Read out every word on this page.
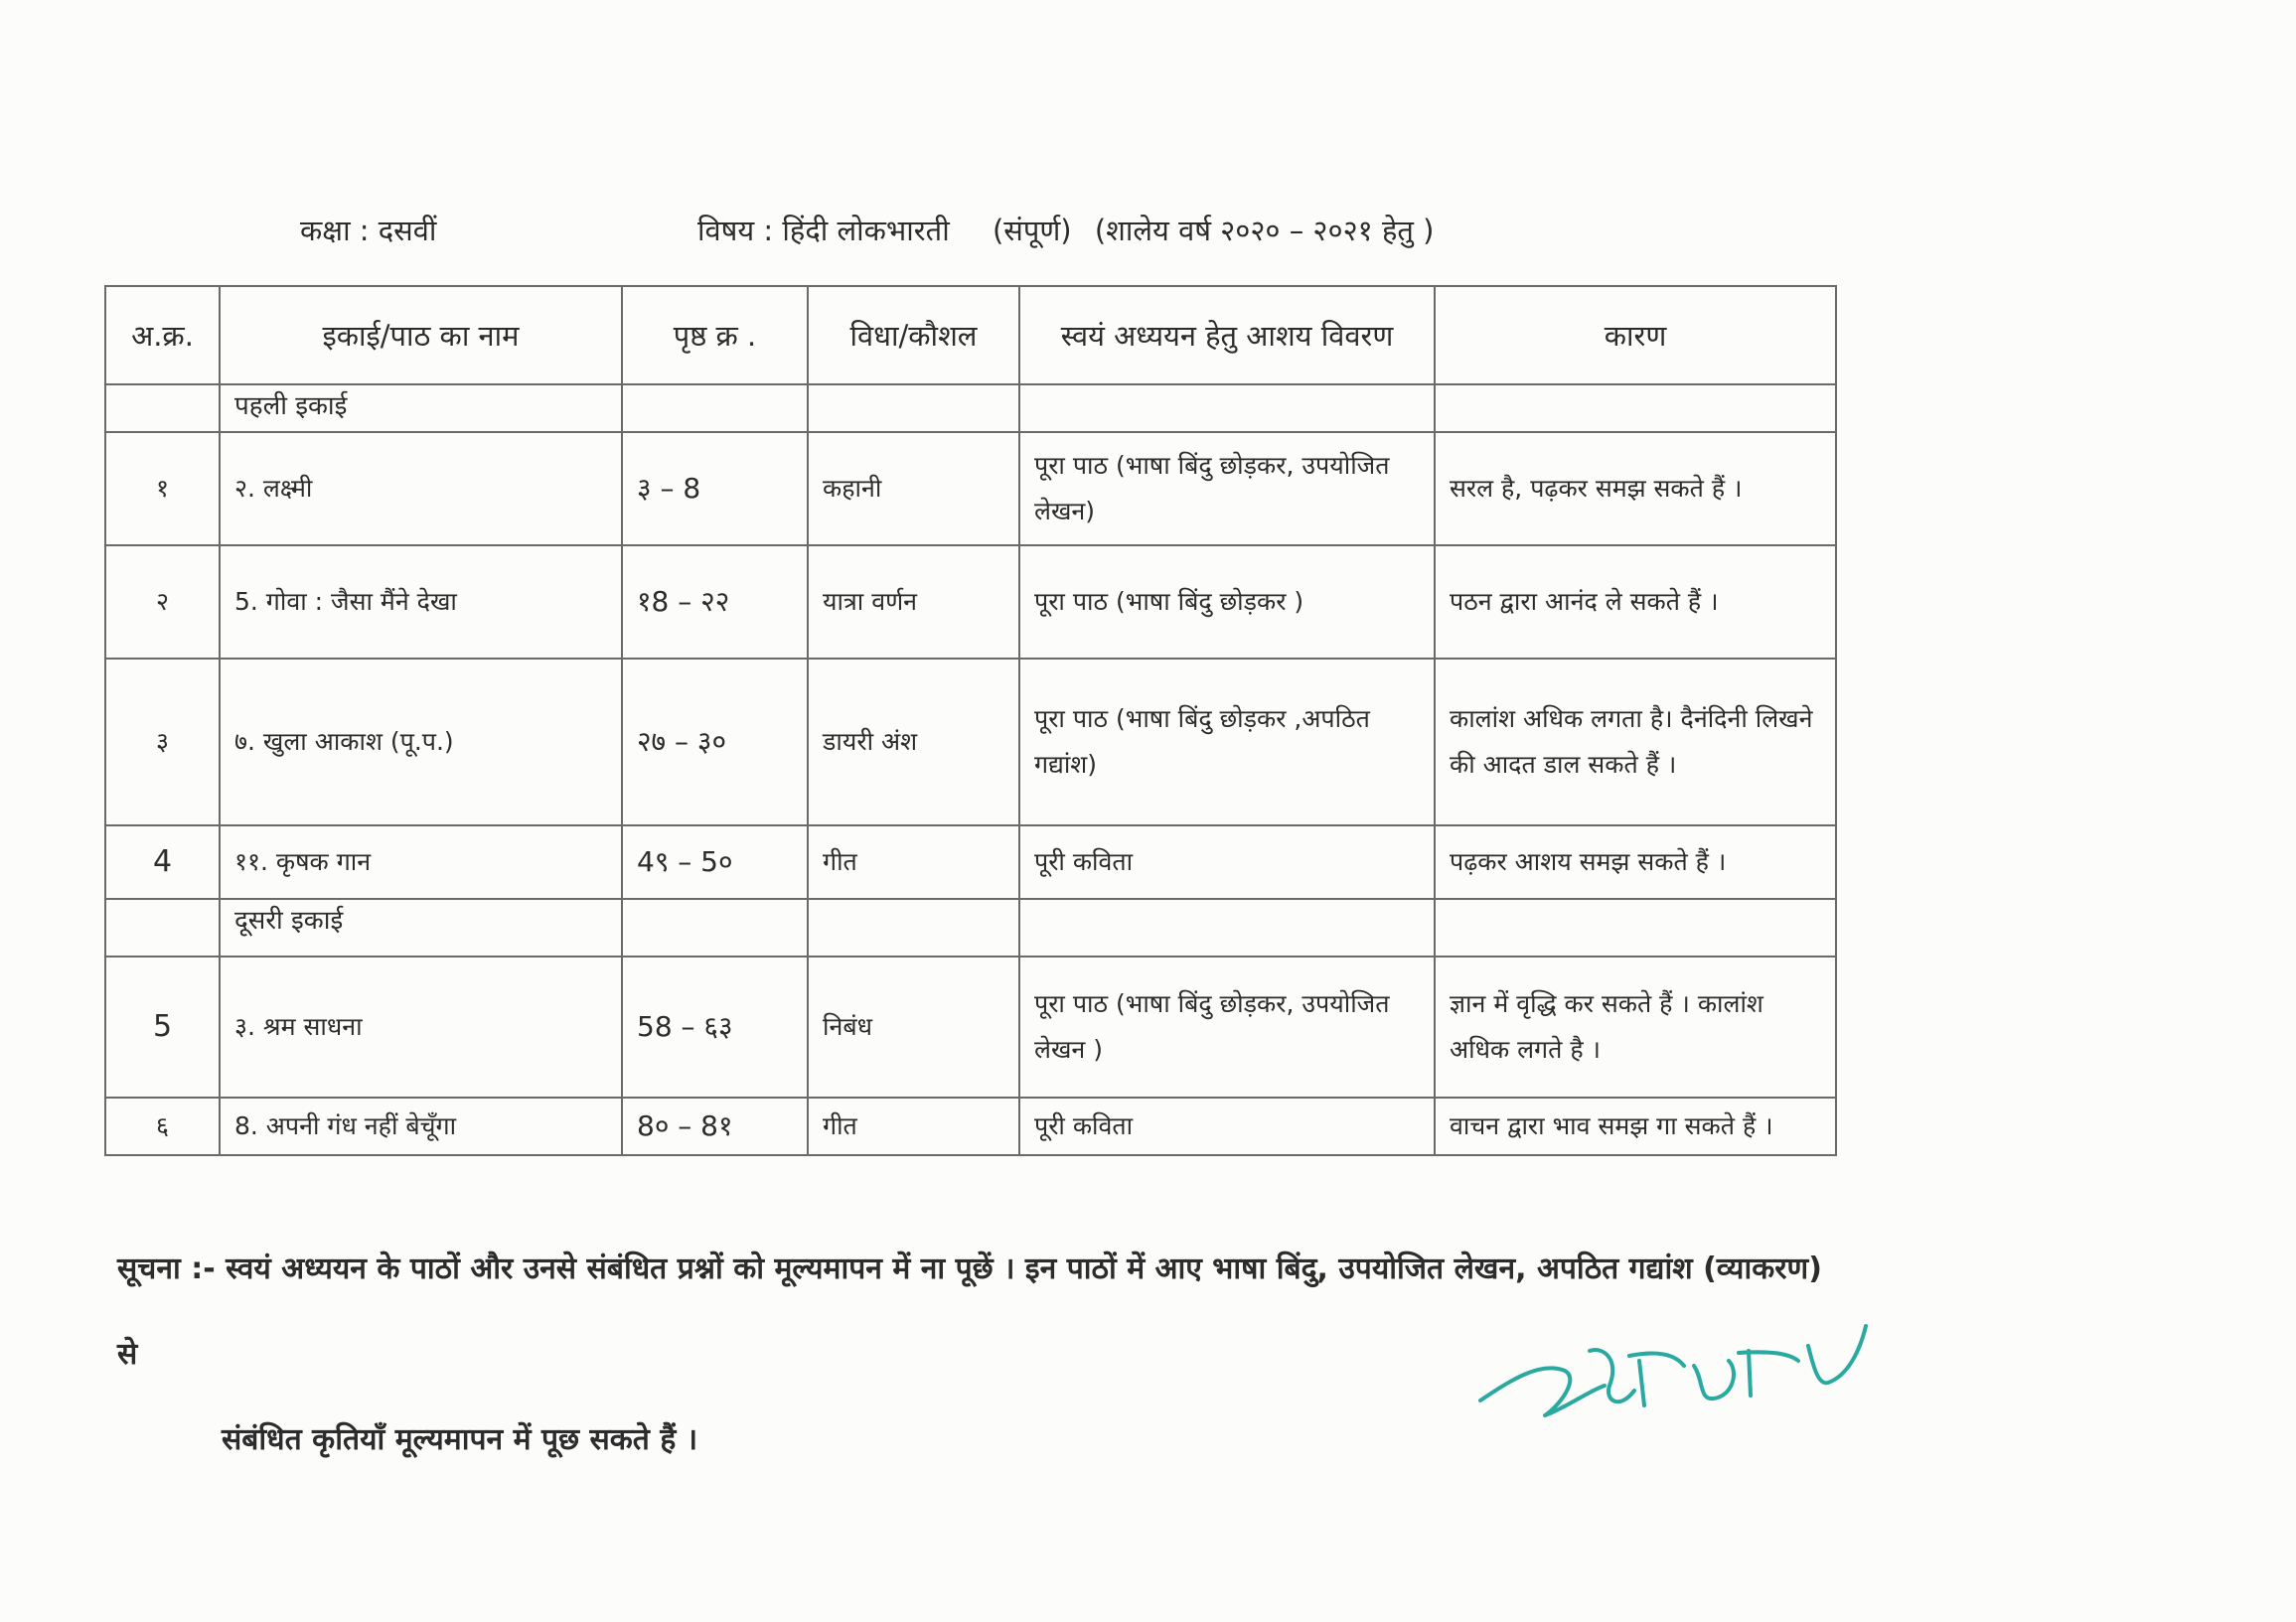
कक्षा : दसवीं	विषय : हिंदी लोकभारती (संपूर्ण) (शालेय वर्ष २०२० – २०२१ हेतु )
अ.क्र.	इकाई/पाठ का नाम	पृष्ठ क्र .	विधा/कौशल	स्वयं अध्ययन हेतु आशय विवरण	कारण
	पहली इकाई				
१	२. लक्ष्मी	३ – 8	कहानी	पूरा पाठ (भाषा बिंदु छोड़कर, उपयोजित लेखन)	सरल है, पढ़कर समझ सकते हैं ।
२	5. गोवा : जैसा मैंने देखा	१8 – २२	यात्रा वर्णन	पूरा पाठ (भाषा बिंदु छोड़कर )	पठन द्वारा आनंद ले सकते हैं ।
३	७. खुला आकाश (पू.प.)	२७ – ३०	डायरी अंश	पूरा पाठ (भाषा बिंदु छोड़कर ,अपठित गद्यांश)	कालांश अधिक लगता है। दैनंदिनी लिखने की आदत डाल सकते हैं ।
4	११. कृषक गान	4९ – 5०	गीत	पूरी कविता	पढ़कर आशय समझ सकते हैं ।
	दूसरी इकाई				
5	३. श्रम साधना	58 – ६३	निबंध	पूरा पाठ (भाषा बिंदु छोड़कर, उपयोजित लेखन )	ज्ञान में वृद्धि कर सकते हैं । कालांश अधिक लगते है ।
६	8. अपनी गंध नहीं बेचूँगा	8० – 8१	गीत	पूरी कविता	वाचन द्वारा भाव समझ गा सकते हैं ।
सूचना :- स्वयं अध्ययन के पाठों और उनसे संबंधित प्रश्नों को मूल्यमापन में ना पूछें । इन पाठों में आए भाषा बिंदु, उपयोजित लेखन, अपठित गद्यांश (व्याकरण) से
संबंधित कृतियाँ मूल्यमापन में पूछ सकते हैं ।
